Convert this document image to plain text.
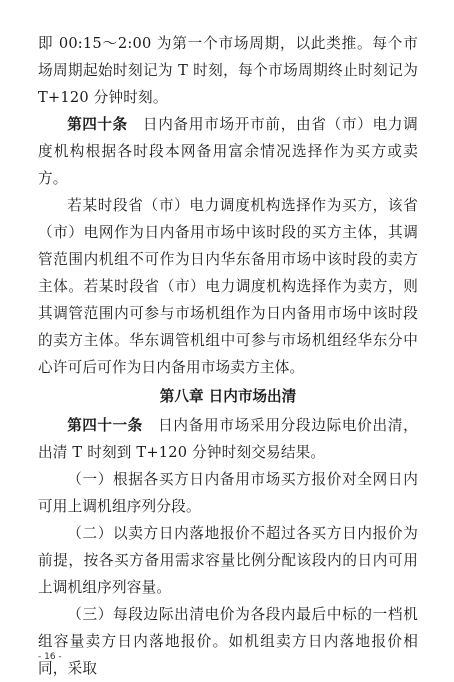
即 00:15～2:00 为第一个市场周期，以此类推。每个市场周期起始时刻记为 T 时刻，每个市场周期终止时刻记为 T+120 分钟时刻。

第四十条　日内备用市场开市前，由省（市）电力调度机构根据各时段本网备用富余情况选择作为买方或卖方。

若某时段省（市）电力调度机构选择作为买方，该省（市）电网作为日内备用市场中该时段的买方主体，其调管范围内机组不可作为日内华东备用市场中该时段的卖方主体。若某时段省（市）电力调度机构选择作为卖方，则其调管范围内可参与市场机组作为日内备用市场中该时段的卖方主体。华东调管机组中可参与市场机组经华东分中心许可后可作为日内备用市场卖方主体。

第八章 日内市场出清

第四十一条　日内备用市场采用分段边际电价出清，出清 T 时刻到 T+120 分钟时刻交易结果。

（一）根据各买方日内备用市场买方报价对全网日内可用上调机组序列分段。

（二）以卖方日内落地报价不超过各买方日内报价为前提，按各买方备用需求容量比例分配该段内的日内可用上调机组序列容量。

（三）每段边际出清电价为各段内最后中标的一档机组容量卖方日内落地报价。如机组卖方日内落地报价相同，采取

- 16 -
